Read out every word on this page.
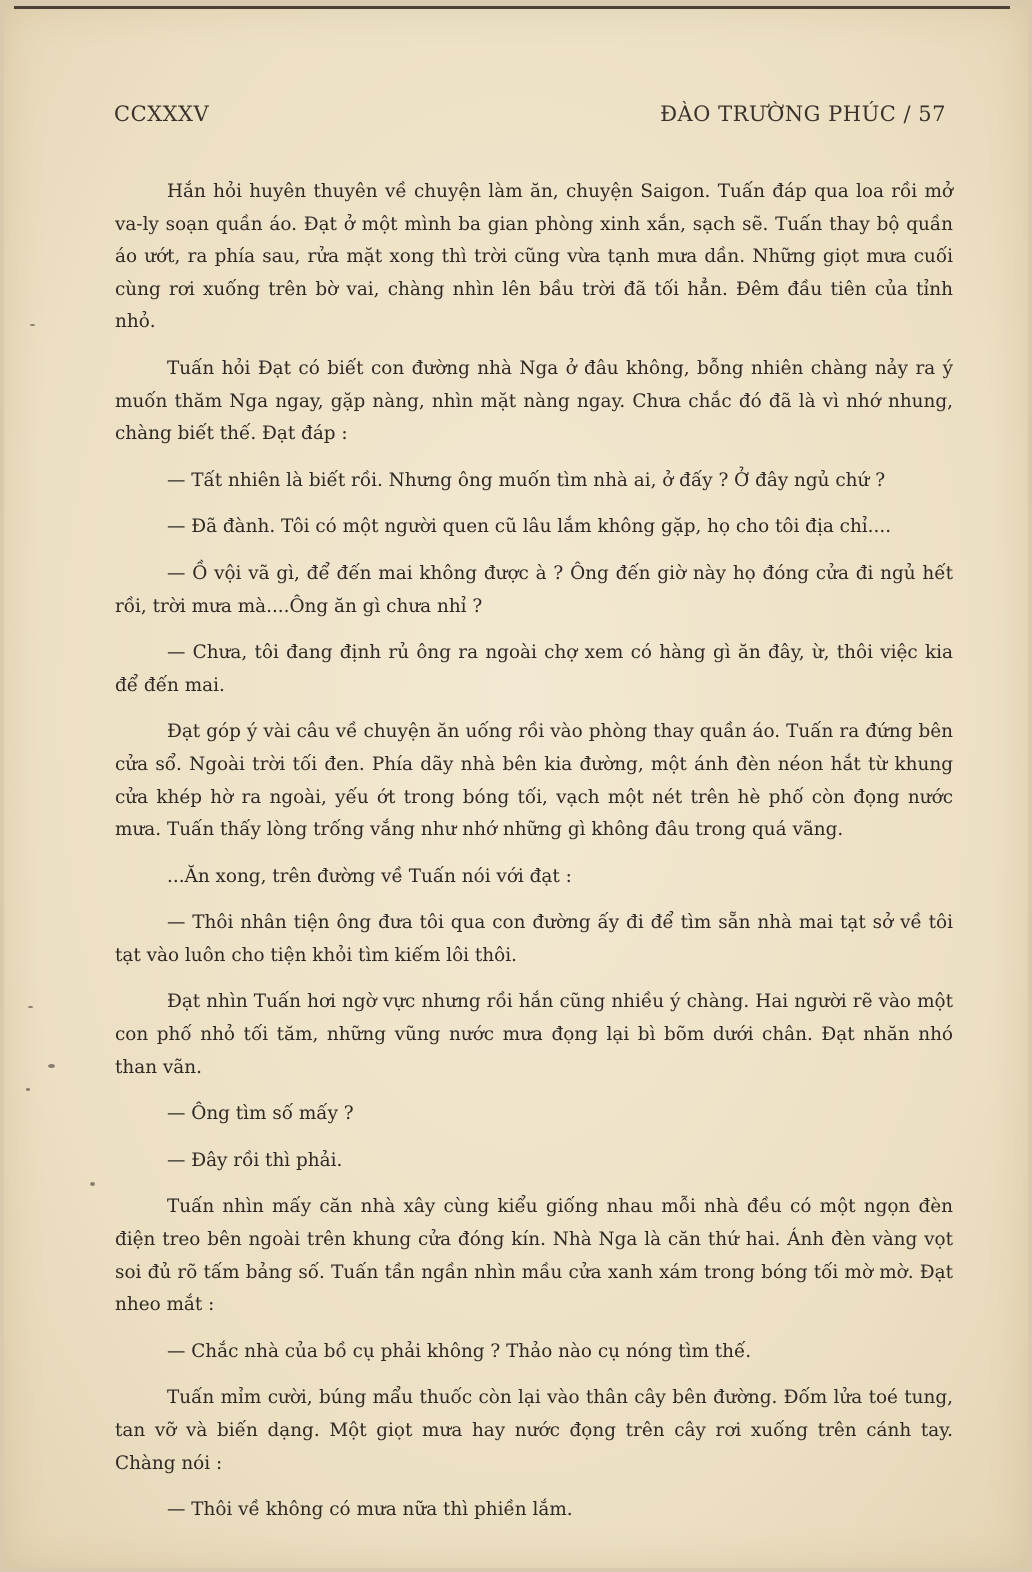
CCXXXV	ĐÀO TRƯỜNG PHÚC / 57

Hắn hỏi huyên thuyên về chuyện làm ăn, chuyện Saigon. Tuấn đáp qua loa rồi mở va-ly soạn quần áo. Đạt ở một mình ba gian phòng xinh xắn, sạch sẽ. Tuấn thay bộ quần áo ướt, ra phía sau, rửa mặt xong thì trời cũng vừa tạnh mưa dần. Những giọt mưa cuối cùng rơi xuống trên bờ vai, chàng nhìn lên bầu trời đã tối hẳn. Đêm đầu tiên của tỉnh nhỏ.

Tuấn hỏi Đạt có biết con đường nhà Nga ở đâu không, bỗng nhiên chàng nảy ra ý muốn thăm Nga ngay, gặp nàng, nhìn mặt nàng ngay. Chưa chắc đó đã là vì nhớ nhung, chàng biết thế. Đạt đáp :

— Tất nhiên là biết rồi. Nhưng ông muốn tìm nhà ai, ở đấy ? Ở đây ngủ chứ ?

— Đã đành. Tôi có một người quen cũ lâu lắm không gặp, họ cho tôi địa chỉ....

— Ồ vội vã gì, để đến mai không được à ? Ông đến giờ này họ đóng cửa đi ngủ hết rồi, trời mưa mà....Ông ăn gì chưa nhỉ ?

— Chưa, tôi đang định rủ ông ra ngoài chợ xem có hàng gì ăn đây, ừ, thôi việc kia để đến mai.

Đạt góp ý vài câu về chuyện ăn uống rồi vào phòng thay quần áo. Tuấn ra đứng bên cửa sổ. Ngoài trời tối đen. Phía dãy nhà bên kia đường, một ánh đèn néon hắt từ khung cửa khép hờ ra ngoài, yếu ớt trong bóng tối, vạch một nét trên hè phố còn đọng nước mưa. Tuấn thấy lòng trống vắng như nhớ những gì không đâu trong quá vãng.

...Ăn xong, trên đường về Tuấn nói với đạt :

— Thôi nhân tiện ông đưa tôi qua con đường ấy đi để tìm sẵn nhà mai tạt sở về tôi tạt vào luôn cho tiện khỏi tìm kiếm lôi thôi.

Đạt nhìn Tuấn hơi ngờ vực nhưng rồi hắn cũng nhiều ý chàng. Hai người rẽ vào một con phố nhỏ tối tăm, những vũng nước mưa đọng lại bì bõm dưới chân. Đạt nhăn nhó than vãn.

— Ông tìm số mấy ?

— Đây rồi thì phải.

Tuấn nhìn mấy căn nhà xây cùng kiểu giống nhau mỗi nhà đều có một ngọn đèn điện treo bên ngoài trên khung cửa đóng kín. Nhà Nga là căn thứ hai. Ánh đèn vàng vọt soi đủ rõ tấm bảng số. Tuấn tần ngần nhìn mầu cửa xanh xám trong bóng tối mờ mờ. Đạt nheo mắt :

— Chắc nhà của bồ cụ phải không ? Thảo nào cụ nóng tìm thế.

Tuấn mỉm cười, búng mẩu thuốc còn lại vào thân cây bên đường. Đốm lửa toé tung, tan vỡ và biến dạng. Một giọt mưa hay nước đọng trên cây rơi xuống trên cánh tay. Chàng nói :

— Thôi về không có mưa nữa thì phiền lắm.
